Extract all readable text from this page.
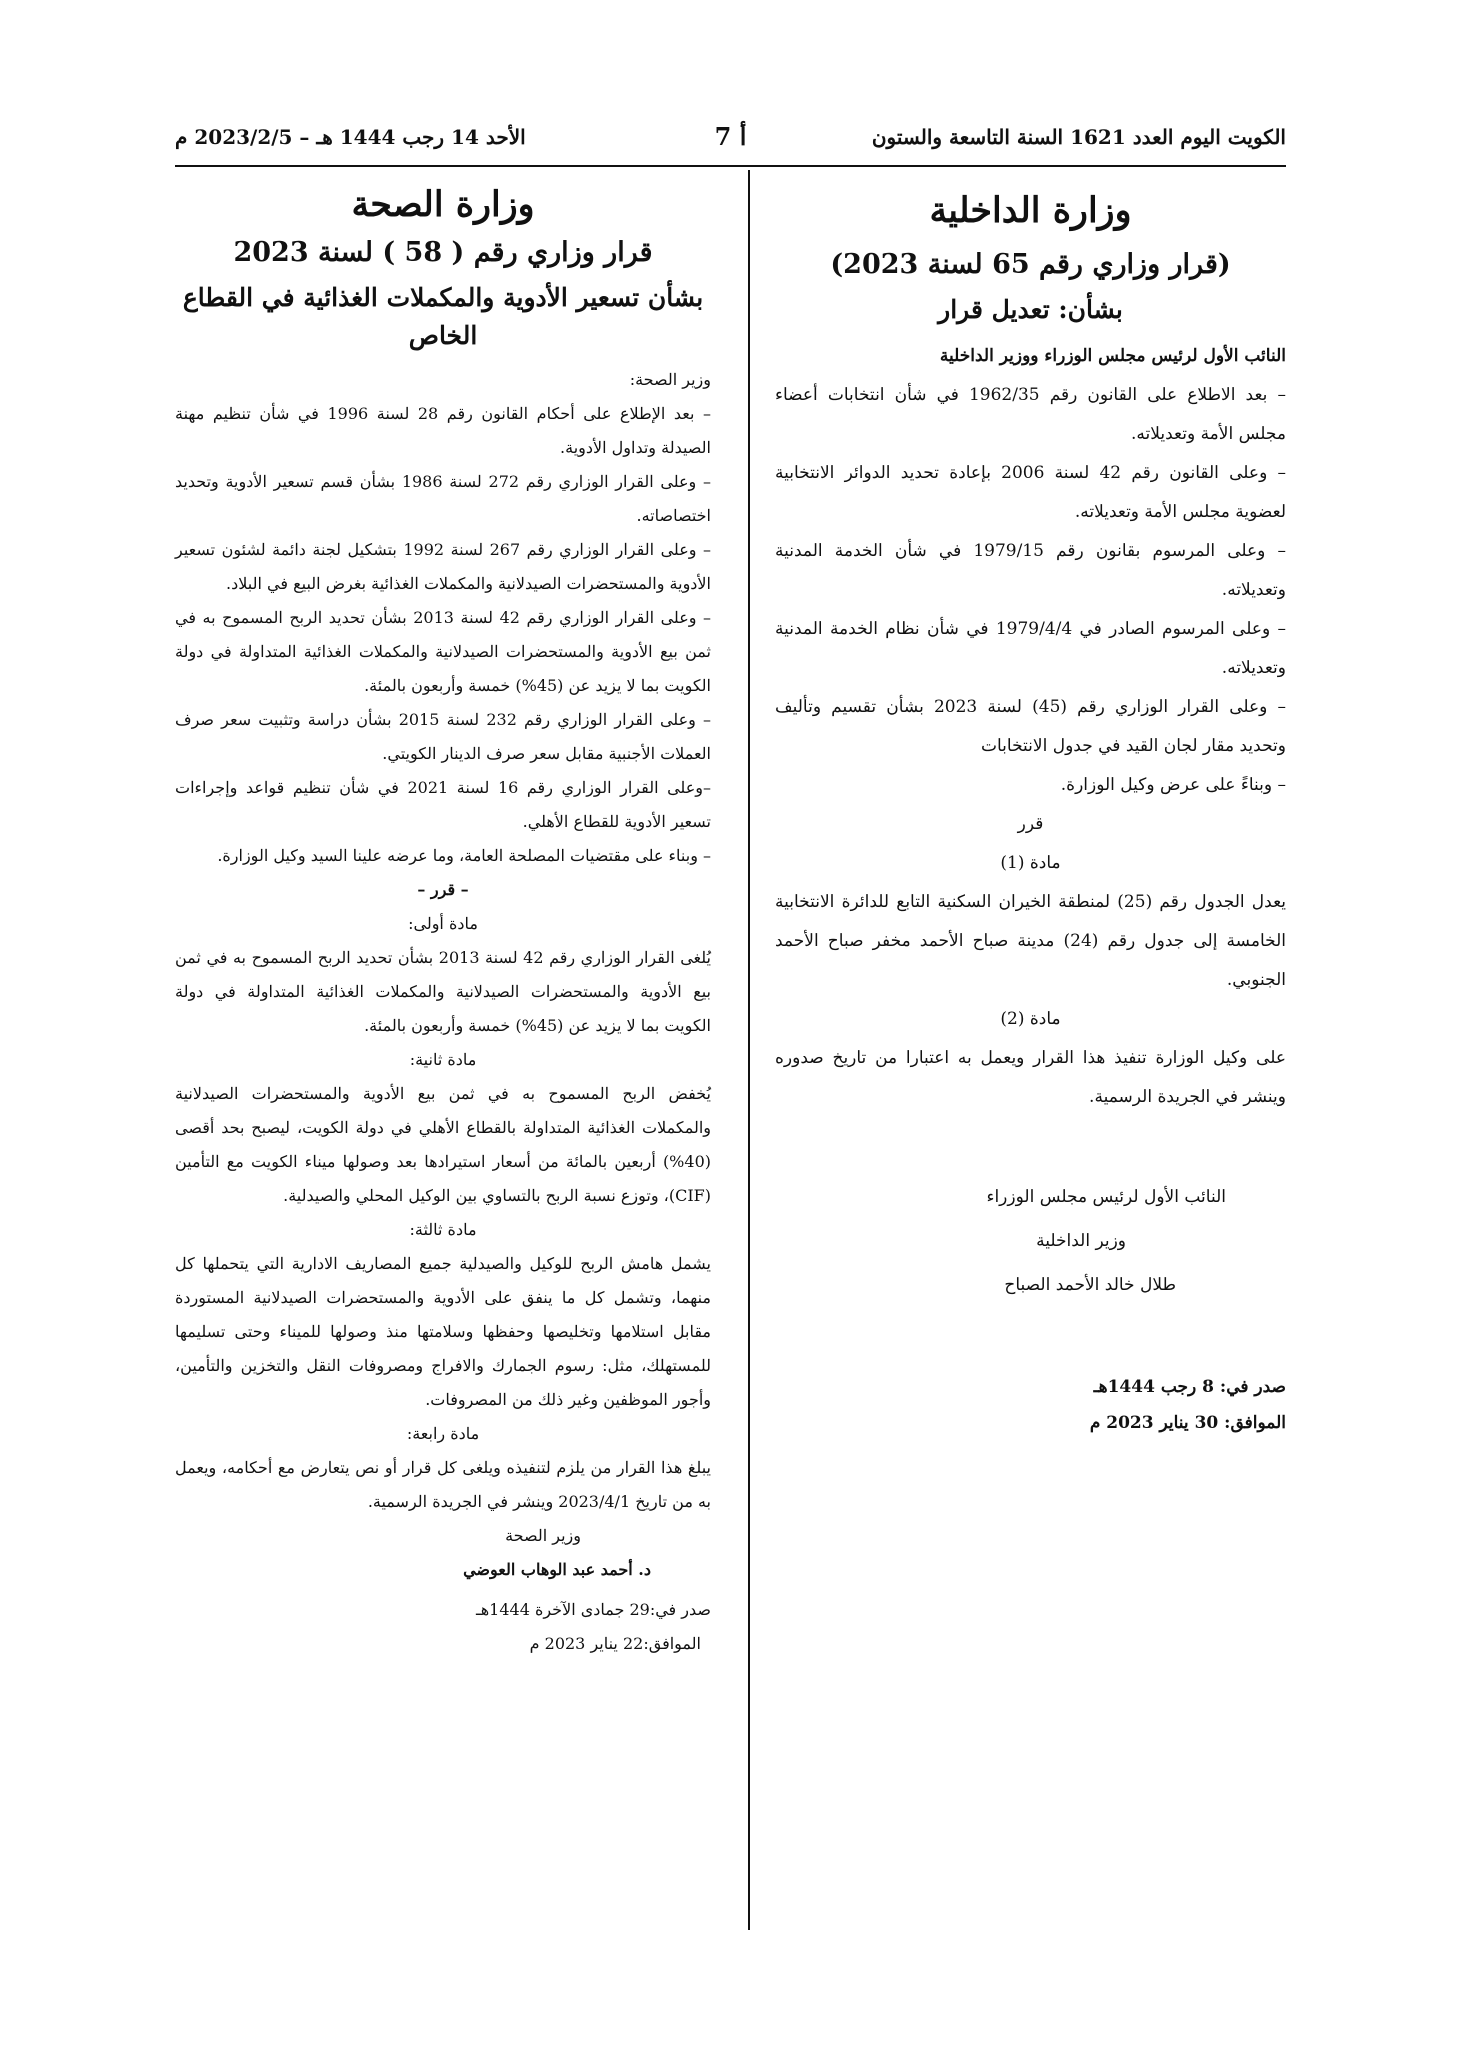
الكويت اليوم العدد 1621 السنة التاسعة والستون
أ 7
الأحد 14 رجب 1444 هـ – 2023/2/5 م
وزارة الداخلية
(قرار وزاري رقم 65 لسنة 2023)
بشأن: تعديل قرار
النائب الأول لرئيس مجلس الوزراء ووزير الداخلية
– بعد الاطلاع على القانون رقم 1962/35 في شأن انتخابات أعضاء مجلس الأمة وتعديلاته.
– وعلى القانون رقم 42 لسنة 2006 بإعادة تحديد الدوائر الانتخابية لعضوية مجلس الأمة وتعديلاته.
– وعلى المرسوم بقانون رقم 1979/15 في شأن الخدمة المدنية وتعديلاته.
– وعلى المرسوم الصادر في 1979/4/4 في شأن نظام الخدمة المدنية وتعديلاته.
– وعلى القرار الوزاري رقم (45) لسنة 2023 بشأن تقسيم وتأليف وتحديد مقار لجان القيد في جدول الانتخابات
– وبناءً على عرض وكيل الوزارة.
قرر
مادة (1)
يعدل الجدول رقم (25) لمنطقة الخيران السكنية التابع للدائرة الانتخابية الخامسة إلى جدول رقم (24) مدينة صباح الأحمد مخفر صباح الأحمد الجنوبي.
مادة (2)
على وكيل الوزارة تنفيذ هذا القرار ويعمل به اعتبارا من تاريخ صدوره وينشر في الجريدة الرسمية.
النائب الأول لرئيس مجلس الوزراء
وزير الداخلية
طلال خالد الأحمد الصباح
صدر في: 8 رجب 1444هـ
الموافق: 30 يناير 2023 م
وزارة الصحة
قرار وزاري رقم ( 58 ) لسنة 2023
بشأن تسعير الأدوية والمكملات الغذائية في القطاع الخاص
وزير الصحة:
– بعد الإطلاع على أحكام القانون رقم 28 لسنة 1996 في شأن تنظيم مهنة الصيدلة وتداول الأدوية.
– وعلى القرار الوزاري رقم 272 لسنة 1986 بشأن قسم تسعير الأدوية وتحديد اختصاصاته.
– وعلى القرار الوزاري رقم 267 لسنة 1992 بتشكيل لجنة دائمة لشئون تسعير الأدوية والمستحضرات الصيدلانية والمكملات الغذائية بغرض البيع في البلاد.
– وعلى القرار الوزاري رقم 42 لسنة 2013 بشأن تحديد الربح المسموح به في ثمن بيع الأدوية والمستحضرات الصيدلانية والمكملات الغذائية المتداولة في دولة الكويت بما لا يزيد عن (45%) خمسة وأربعون بالمئة.
– وعلى القرار الوزاري رقم 232 لسنة 2015 بشأن دراسة وتثبيت سعر صرف العملات الأجنبية مقابل سعر صرف الدينار الكويتي.
–وعلى القرار الوزاري رقم 16 لسنة 2021 في شأن تنظيم قواعد وإجراءات تسعير الأدوية للقطاع الأهلي.
– وبناء على مقتضيات المصلحة العامة، وما عرضه علينا السيد وكيل الوزارة.
– قرر –
مادة أولى:
يُلغى القرار الوزاري رقم 42 لسنة 2013 بشأن تحديد الربح المسموح به في ثمن بيع الأدوية والمستحضرات الصيدلانية والمكملات الغذائية المتداولة في دولة الكويت بما لا يزيد عن (45%) خمسة وأربعون بالمئة.
مادة ثانية:
يُخفض الربح المسموح به في ثمن بيع الأدوية والمستحضرات الصيدلانية والمكملات الغذائية المتداولة بالقطاع الأهلي في دولة الكويت، ليصبح بحد أقصى (40%) أربعين بالمائة من أسعار استيرادها بعد وصولها ميناء الكويت مع التأمين (CIF)، وتوزع نسبة الربح بالتساوي بين الوكيل المحلي والصيدلية.
مادة ثالثة:
يشمل هامش الربح للوكيل والصيدلية جميع المصاريف الادارية التي يتحملها كل منهما، وتشمل كل ما ينفق على الأدوية والمستحضرات الصيدلانية المستوردة مقابل استلامها وتخليصها وحفظها وسلامتها منذ وصولها للميناء وحتى تسليمها للمستهلك، مثل: رسوم الجمارك والافراج ومصروفات النقل والتخزين والتأمين، وأجور الموظفين وغير ذلك من المصروفات.
مادة رابعة:
يبلغ هذا القرار من يلزم لتنفيذه ويلغى كل قرار أو نص يتعارض مع أحكامه، ويعمل به من تاريخ 2023/4/1 وينشر في الجريدة الرسمية.
وزير الصحة
د. أحمد عبد الوهاب العوضي
صدر في:29 جمادى الآخرة 1444هـ
الموافق:22 يناير 2023 م
